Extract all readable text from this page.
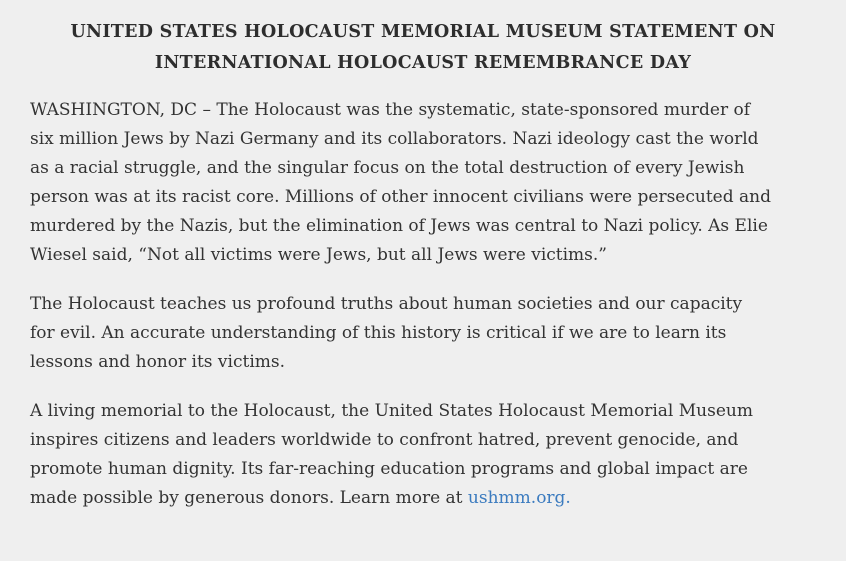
UNITED STATES HOLOCAUST MEMORIAL MUSEUM STATEMENT ON
INTERNATIONAL HOLOCAUST REMEMBRANCE DAY

WASHINGTON, DC – The Holocaust was the systematic, state-sponsored murder of
six million Jews by Nazi Germany and its collaborators. Nazi ideology cast the world
as a racial struggle, and the singular focus on the total destruction of every Jewish
person was at its racist core. Millions of other innocent civilians were persecuted and
murdered by the Nazis, but the elimination of Jews was central to Nazi policy. As Elie
Wiesel said, “Not all victims were Jews, but all Jews were victims.”

The Holocaust teaches us profound truths about human societies and our capacity
for evil. An accurate understanding of this history is critical if we are to learn its
lessons and honor its victims.

A living memorial to the Holocaust, the United States Holocaust Memorial Museum
inspires citizens and leaders worldwide to confront hatred, prevent genocide, and
promote human dignity. Its far-reaching education programs and global impact are
made possible by generous donors. Learn more at ushmm.org.
